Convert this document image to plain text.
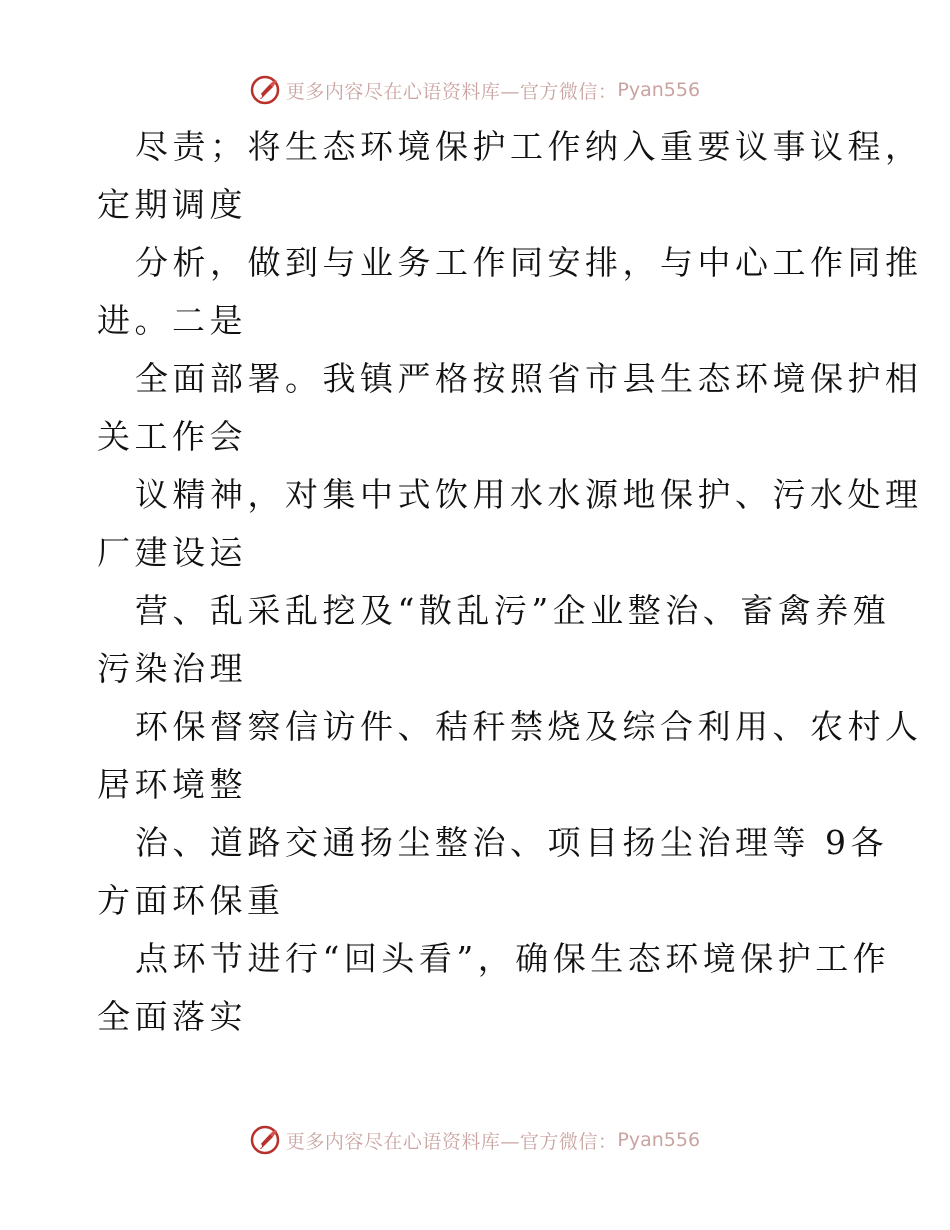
更多内容尽在心语资料库—官方微信： Pyan556
尽责；将生态环境保护工作纳入重要议事议程，
定期调度
分析，做到与业务工作同安排，与中心工作同推
进。二是
全面部署。我镇严格按照省市县生态环境保护相
关工作会
议精神，对集中式饮用水水源地保护、污水处理
厂建设运
营、乱采乱挖及“散乱污”企业整治、畜禽养殖
污染治理
环保督察信访件、秸秆禁烧及综合利用、农村人
居环境整
治、道路交通扬尘整治、项目扬尘治理等 9各
方面环保重
点环节进行“回头看”，确保生态环境保护工作
全面落实
更多内容尽在心语资料库—官方微信： Pyan556
